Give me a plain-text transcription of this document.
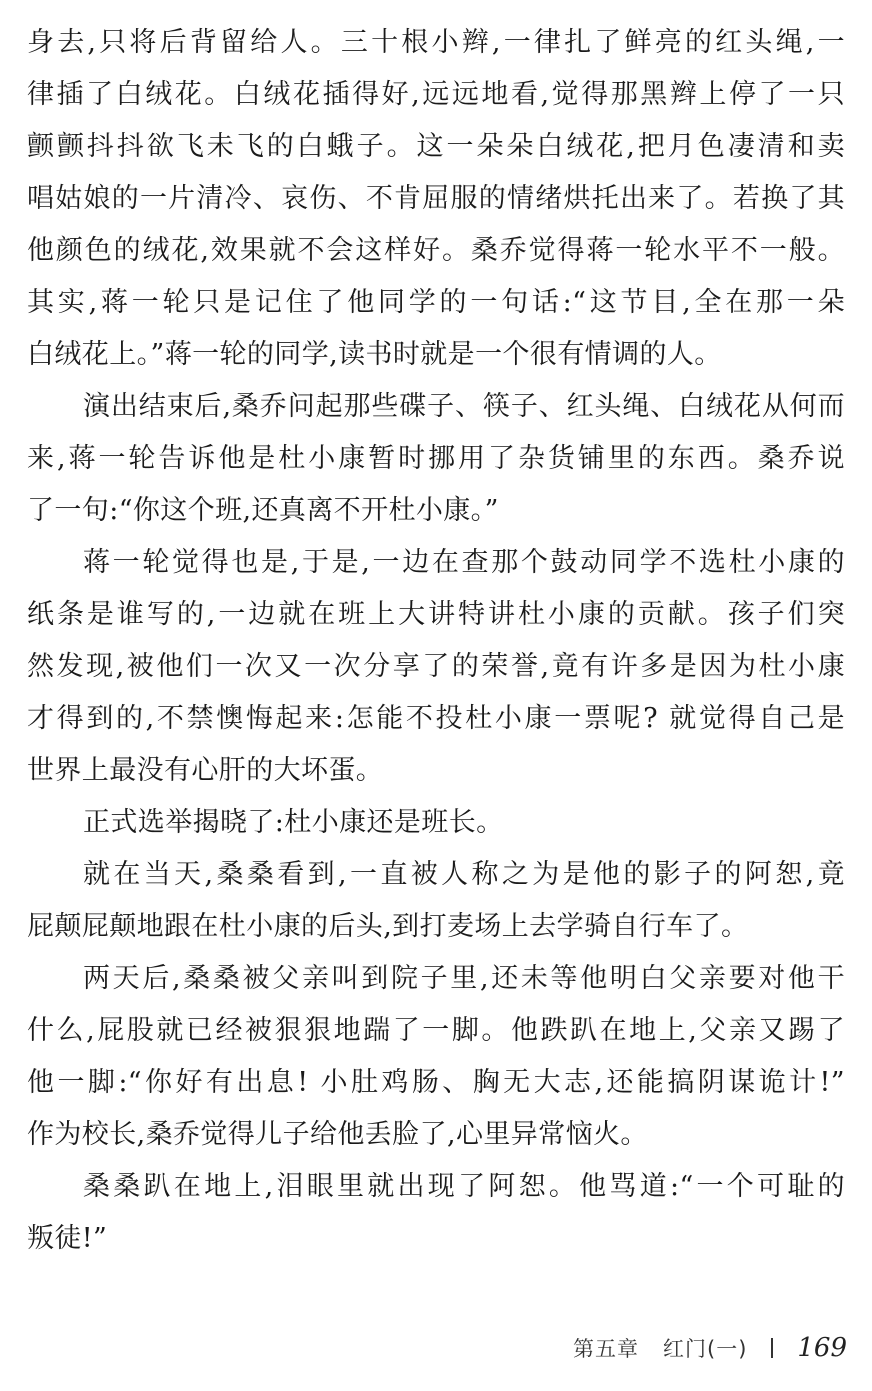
身去,只将后背留给人。三十根小辫,一律扎了鲜亮的红头绳,一
律插了白绒花。白绒花插得好,远远地看,觉得那黑辫上停了一只
颤颤抖抖欲飞未飞的白蛾子。这一朵朵白绒花,把月色凄清和卖
唱姑娘的一片清冷、哀伤、不肯屈服的情绪烘托出来了。若换了其
他颜色的绒花,效果就不会这样好。桑乔觉得蒋一轮水平不一般。
其实,蒋一轮只是记住了他同学的一句话:“这节目,全在那一朵
白绒花上。”蒋一轮的同学,读书时就是一个很有情调的人。
演出结束后,桑乔问起那些碟子、筷子、红头绳、白绒花从何而
来,蒋一轮告诉他是杜小康暂时挪用了杂货铺里的东西。桑乔说
了一句:“你这个班,还真离不开杜小康。”
蒋一轮觉得也是,于是,一边在查那个鼓动同学不选杜小康的
纸条是谁写的,一边就在班上大讲特讲杜小康的贡献。孩子们突
然发现,被他们一次又一次分享了的荣誉,竟有许多是因为杜小康
才得到的,不禁懊悔起来:怎能不投杜小康一票呢? 就觉得自己是
世界上最没有心肝的大坏蛋。
正式选举揭晓了:杜小康还是班长。
就在当天,桑桑看到,一直被人称之为是他的影子的阿恕,竟
屁颠屁颠地跟在杜小康的后头,到打麦场上去学骑自行车了。
两天后,桑桑被父亲叫到院子里,还未等他明白父亲要对他干
什么,屁股就已经被狠狠地踹了一脚。他跌趴在地上,父亲又踢了
他一脚:“你好有出息! 小肚鸡肠、胸无大志,还能搞阴谋诡计!”
作为校长,桑乔觉得儿子给他丢脸了,心里异常恼火。
桑桑趴在地上,泪眼里就出现了阿恕。他骂道:“一个可耻的
叛徒!”
第五章 红门(一) 169
